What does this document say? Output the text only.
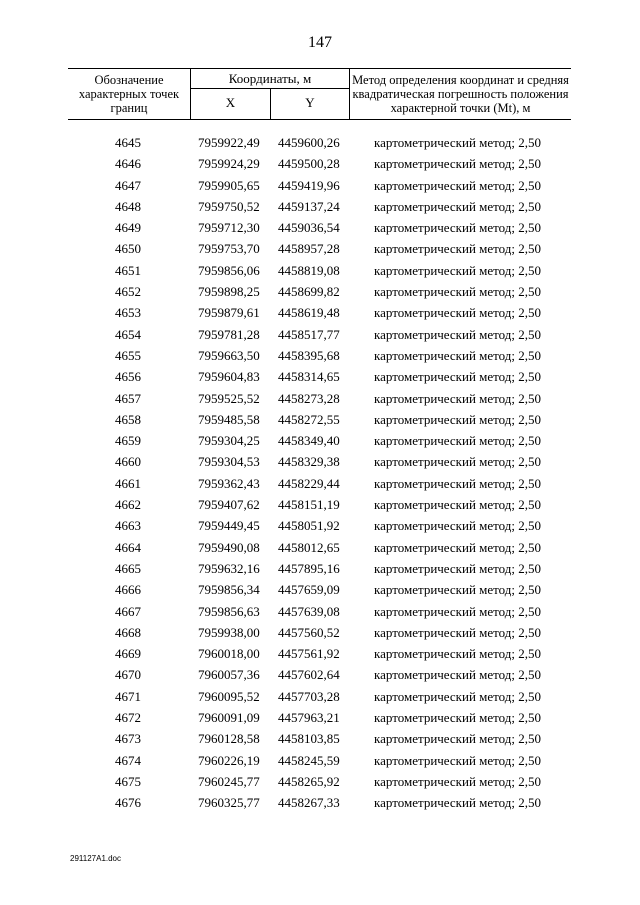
147
Обозначение характерных точек границ
Координаты, м
X	Y
Метод определения координат и средняя квадратическая погрешность положения характерной точки (Mt), м
4645	7959922,49 4459600,26	картометрический метод; 2,50
4646	7959924,29 4459500,28	картометрический метод; 2,50
4647	7959905,65 4459419,96	картометрический метод; 2,50
4648	7959750,52 4459137,24	картометрический метод; 2,50
4649	7959712,30 4459036,54	картометрический метод; 2,50
4650	7959753,70 4458957,28	картометрический метод; 2,50
4651	7959856,06 4458819,08	картометрический метод; 2,50
4652	7959898,25 4458699,82	картометрический метод; 2,50
4653	7959879,61 4458619,48	картометрический метод; 2,50
4654	7959781,28 4458517,77	картометрический метод; 2,50
4655	7959663,50 4458395,68	картометрический метод; 2,50
4656	7959604,83 4458314,65	картометрический метод; 2,50
4657	7959525,52 4458273,28	картометрический метод; 2,50
4658	7959485,58 4458272,55	картометрический метод; 2,50
4659	7959304,25 4458349,40	картометрический метод; 2,50
4660	7959304,53 4458329,38	картометрический метод; 2,50
4661	7959362,43 4458229,44	картометрический метод; 2,50
4662	7959407,62 4458151,19	картометрический метод; 2,50
4663	7959449,45 4458051,92	картометрический метод; 2,50
4664	7959490,08 4458012,65	картометрический метод; 2,50
4665	7959632,16 4457895,16	картометрический метод; 2,50
4666	7959856,34 4457659,09	картометрический метод; 2,50
4667	7959856,63 4457639,08	картометрический метод; 2,50
4668	7959938,00 4457560,52	картометрический метод; 2,50
4669	7960018,00 4457561,92	картометрический метод; 2,50
4670	7960057,36 4457602,64	картометрический метод; 2,50
4671	7960095,52 4457703,28	картометрический метод; 2,50
4672	7960091,09 4457963,21	картометрический метод; 2,50
4673	7960128,58 4458103,85	картометрический метод; 2,50
4674	7960226,19 4458245,59	картометрический метод; 2,50
4675	7960245,77 4458265,92	картометрический метод; 2,50
4676	7960325,77 4458267,33	картометрический метод; 2,50
291127A1.doc
